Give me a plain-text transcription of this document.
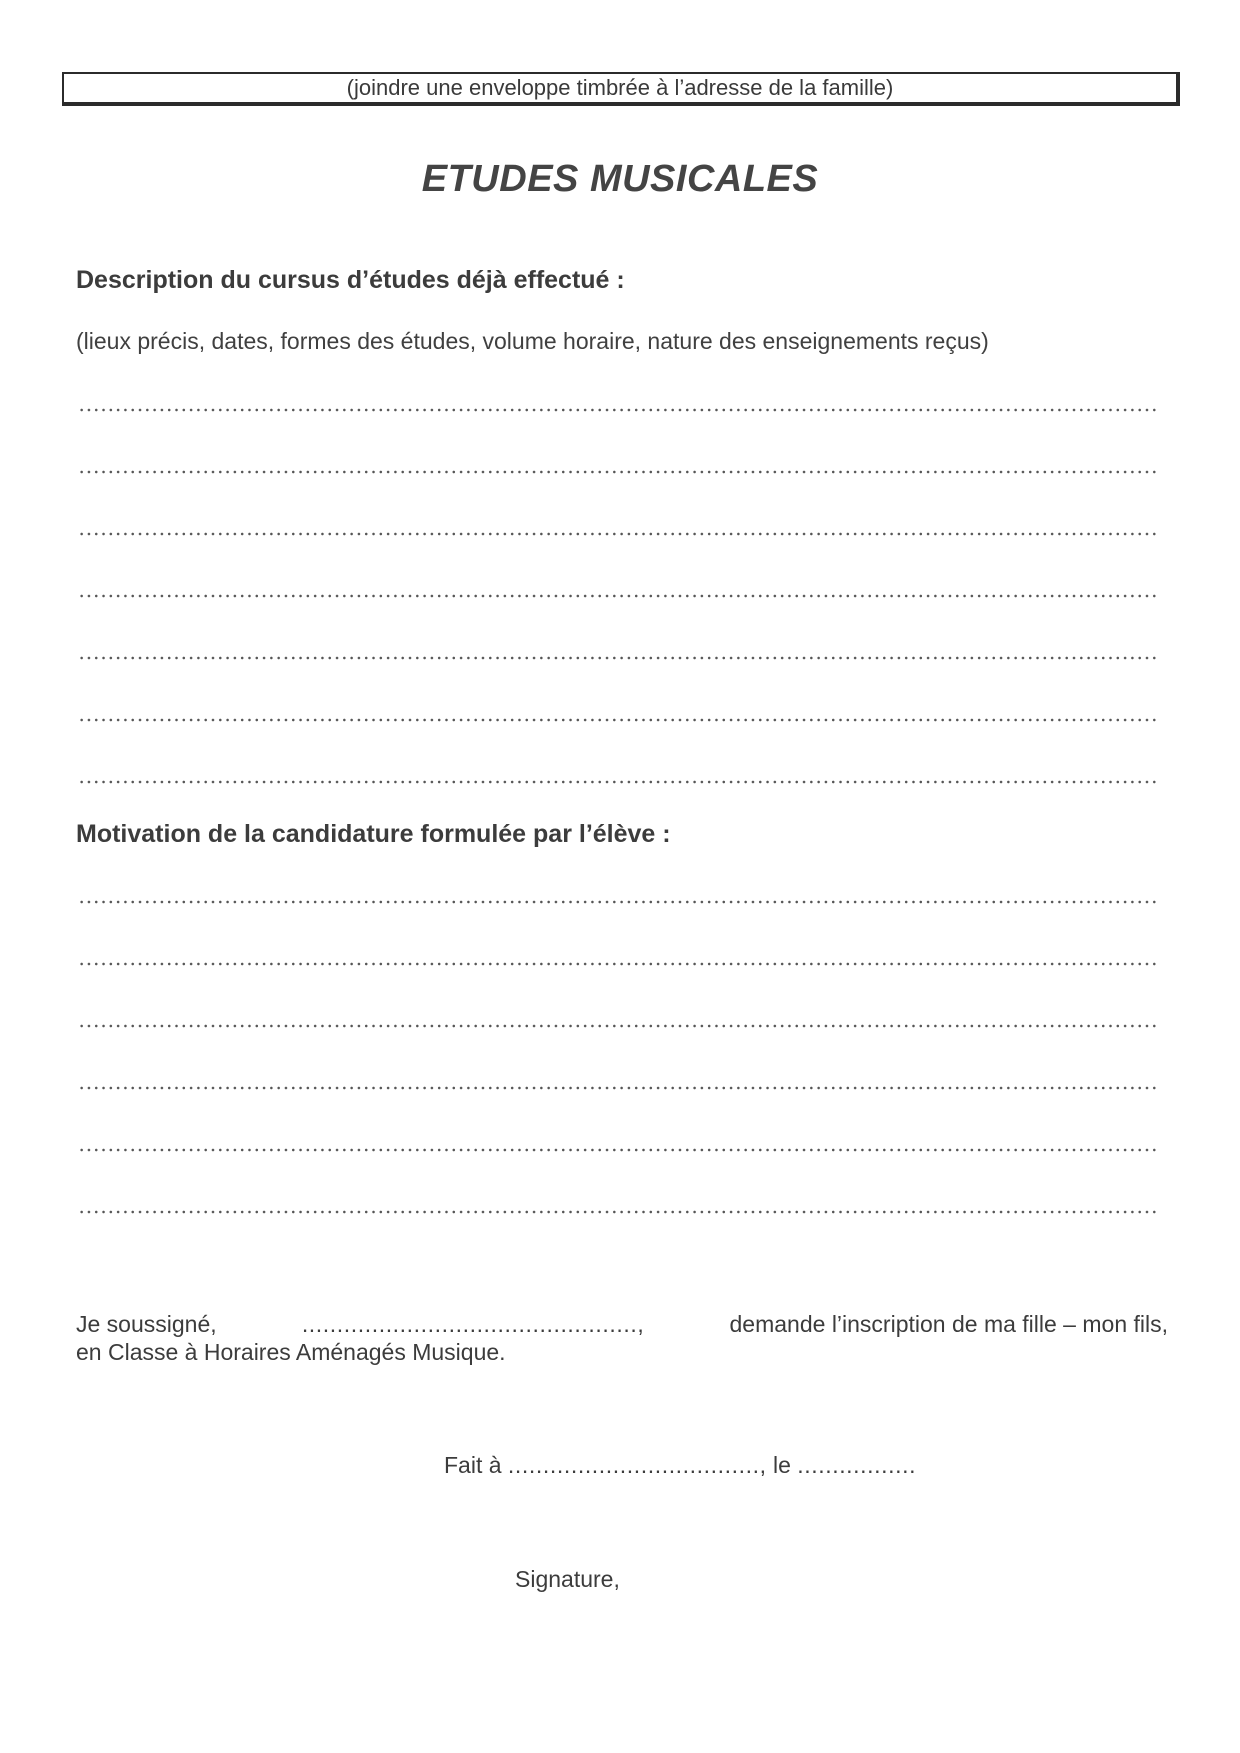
(joindre une enveloppe timbrée à l’adresse de la famille)
ETUDES MUSICALES
Description du cursus d’études déjà effectué :
(lieux précis, dates, formes des études, volume horaire, nature des enseignements reçus)
Motivation de la candidature formulée par l’élève :
Je soussigné,	................................................,	demande l’inscription de ma fille – mon fils,
en Classe à Horaires Aménagés Musique.
Fait à ...................................., le .................
Signature,
